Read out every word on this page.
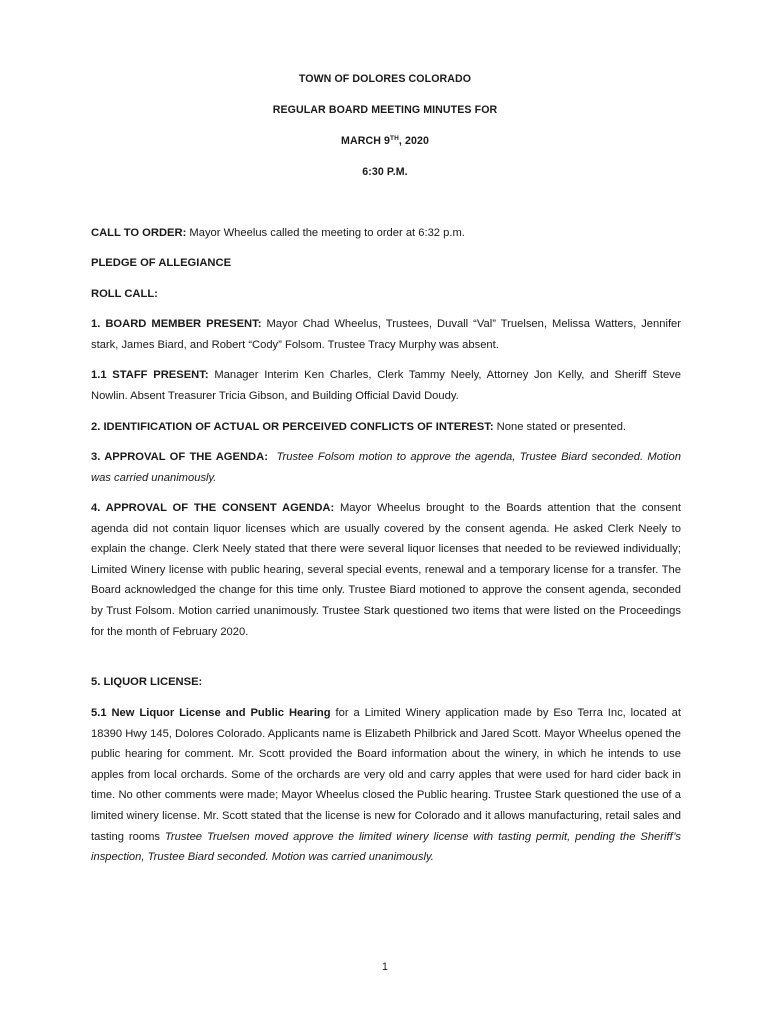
TOWN OF DOLORES COLORADO
REGULAR BOARD MEETING MINUTES FOR
MARCH 9TH, 2020
6:30 P.M.
CALL TO ORDER: Mayor Wheelus called the meeting to order at 6:32 p.m.
PLEDGE OF ALLEGIANCE
ROLL CALL:
1. BOARD MEMBER PRESENT: Mayor Chad Wheelus, Trustees, Duvall “Val” Truelsen, Melissa Watters, Jennifer stark, James Biard, and Robert “Cody” Folsom. Trustee Tracy Murphy was absent.
1.1 STAFF PRESENT: Manager Interim Ken Charles, Clerk Tammy Neely, Attorney Jon Kelly, and Sheriff Steve Nowlin. Absent Treasurer Tricia Gibson, and Building Official David Doudy.
2. IDENTIFICATION OF ACTUAL OR PERCEIVED CONFLICTS OF INTEREST: None stated or presented.
3. APPROVAL OF THE AGENDA: Trustee Folsom motion to approve the agenda, Trustee Biard seconded. Motion was carried unanimously.
4. APPROVAL OF THE CONSENT AGENDA: Mayor Wheelus brought to the Boards attention that the consent agenda did not contain liquor licenses which are usually covered by the consent agenda. He asked Clerk Neely to explain the change. Clerk Neely stated that there were several liquor licenses that needed to be reviewed individually; Limited Winery license with public hearing, several special events, renewal and a temporary license for a transfer. The Board acknowledged the change for this time only. Trustee Biard motioned to approve the consent agenda, seconded by Trust Folsom. Motion carried unanimously. Trustee Stark questioned two items that were listed on the Proceedings for the month of February 2020.
5. LIQUOR LICENSE:
5.1 New Liquor License and Public Hearing for a Limited Winery application made by Eso Terra Inc, located at 18390 Hwy 145, Dolores Colorado. Applicants name is Elizabeth Philbrick and Jared Scott. Mayor Wheelus opened the public hearing for comment. Mr. Scott provided the Board information about the winery, in which he intends to use apples from local orchards. Some of the orchards are very old and carry apples that were used for hard cider back in time. No other comments were made; Mayor Wheelus closed the Public hearing. Trustee Stark questioned the use of a limited winery license. Mr. Scott stated that the license is new for Colorado and it allows manufacturing, retail sales and tasting rooms Trustee Truelsen moved approve the limited winery license with tasting permit, pending the Sheriff’s inspection, Trustee Biard seconded. Motion was carried unanimously.
1
